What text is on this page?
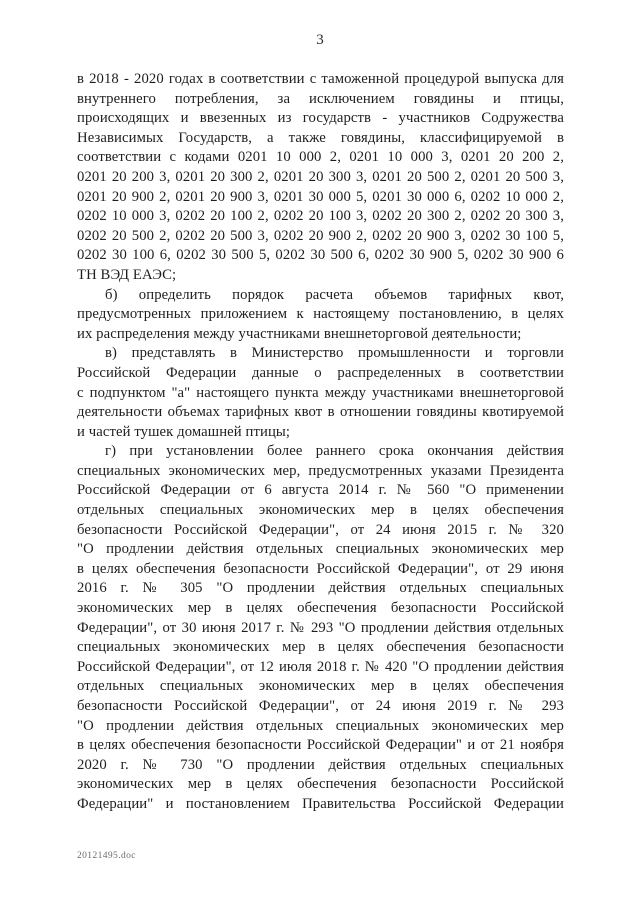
3
в 2018 - 2020 годах в соответствии с таможенной процедурой выпуска для
внутреннего потребления, за исключением говядины и птицы,
происходящих и ввезенных из государств - участников Содружества
Независимых Государств, а также говядины, классифицируемой в
соответствии с кодами 0201 10 000 2, 0201 10 000 3, 0201 20 200 2,
0201 20 200 3, 0201 20 300 2, 0201 20 300 3, 0201 20 500 2, 0201 20 500 3,
0201 20 900 2, 0201 20 900 3, 0201 30 000 5, 0201 30 000 6, 0202 10 000 2,
0202 10 000 3, 0202 20 100 2, 0202 20 100 3, 0202 20 300 2, 0202 20 300 3,
0202 20 500 2, 0202 20 500 3, 0202 20 900 2, 0202 20 900 3, 0202 30 100 5,
0202 30 100 6, 0202 30 500 5, 0202 30 500 6, 0202 30 900 5, 0202 30 900 6
ТН ВЭД ЕАЭС;
б) определить порядок расчета объемов тарифных квот,
предусмотренных приложением к настоящему постановлению, в целях
их распределения между участниками внешнеторговой деятельности;
в) представлять в Министерство промышленности и торговли
Российской Федерации данные о распределенных в соответствии
с подпунктом "а" настоящего пункта между участниками внешнеторговой
деятельности объемах тарифных квот в отношении говядины квотируемой
и частей тушек домашней птицы;
г) при установлении более раннего срока окончания действия
специальных экономических мер, предусмотренных указами Президента
Российской Федерации от 6 августа 2014 г. № 560 "О применении
отдельных специальных экономических мер в целях обеспечения
безопасности Российской Федерации", от 24 июня 2015 г. № 320
"О продлении действия отдельных специальных экономических мер
в целях обеспечения безопасности Российской Федерации", от 29 июня
2016 г. № 305 "О продлении действия отдельных специальных
экономических мер в целях обеспечения безопасности Российской
Федерации", от 30 июня 2017 г. № 293 "О продлении действия отдельных
специальных экономических мер в целях обеспечения безопасности
Российской Федерации", от 12 июля 2018 г. № 420 "О продлении действия
отдельных специальных экономических мер в целях обеспечения
безопасности Российской Федерации", от 24 июня 2019 г. № 293
"О продлении действия отдельных специальных экономических мер
в целях обеспечения безопасности Российской Федерации" и от 21 ноября
2020 г. № 730 "О продлении действия отдельных специальных
экономических мер в целях обеспечения безопасности Российской
Федерации" и постановлением Правительства Российской Федерации
20121495.doc
